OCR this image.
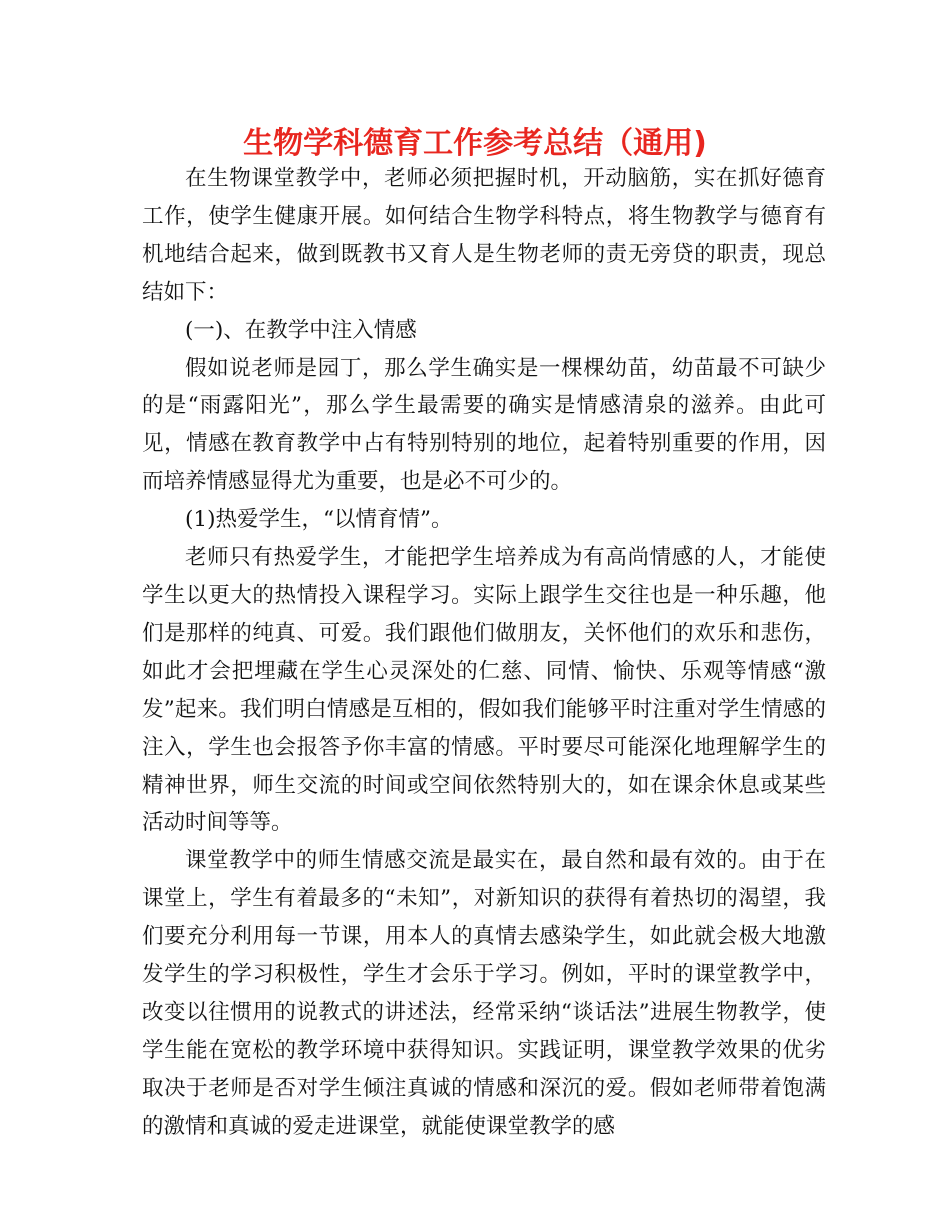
生物学科德育工作参考总结（通用)

在生物课堂教学中，老师必须把握时机，开动脑筋，实在抓好德育工作，使学生健康开展。如何结合生物学科特点，将生物教学与德育有机地结合起来，做到既教书又育人是生物老师的责无旁贷的职责，现总结如下：

(一)、在教学中注入情感

假如说老师是园丁，那么学生确实是一棵棵幼苗，幼苗最不可缺少的是“雨露阳光”，那么学生最需要的确实是情感清泉的滋养。由此可见，情感在教育教学中占有特别特别的地位，起着特别重要的作用，因而培养情感显得尤为重要，也是必不可少的。

(1)热爱学生，“以情育情”。

老师只有热爱学生，才能把学生培养成为有高尚情感的人，才能使学生以更大的热情投入课程学习。实际上跟学生交往也是一种乐趣，他们是那样的纯真、可爱。我们跟他们做朋友，关怀他们的欢乐和悲伤，如此才会把埋藏在学生心灵深处的仁慈、同情、愉快、乐观等情感“激发”起来。我们明白情感是互相的，假如我们能够平时注重对学生情感的注入，学生也会报答予你丰富的情感。平时要尽可能深化地理解学生的精神世界，师生交流的时间或空间依然特别大的，如在课余休息或某些活动时间等等。

课堂教学中的师生情感交流是最实在，最自然和最有效的。由于在课堂上，学生有着最多的“未知”，对新知识的获得有着热切的渴望，我们要充分利用每一节课，用本人的真情去感染学生，如此就会极大地激发学生的学习积极性，学生才会乐于学习。例如，平时的课堂教学中，改变以往惯用的说教式的讲述法，经常采纳“谈话法”进展生物教学，使学生能在宽松的教学环境中获得知识。实践证明，课堂教学效果的优劣取决于老师是否对学生倾注真诚的情感和深沉的爱。假如老师带着饱满的激情和真诚的爱走进课堂，就能使课堂教学的感
